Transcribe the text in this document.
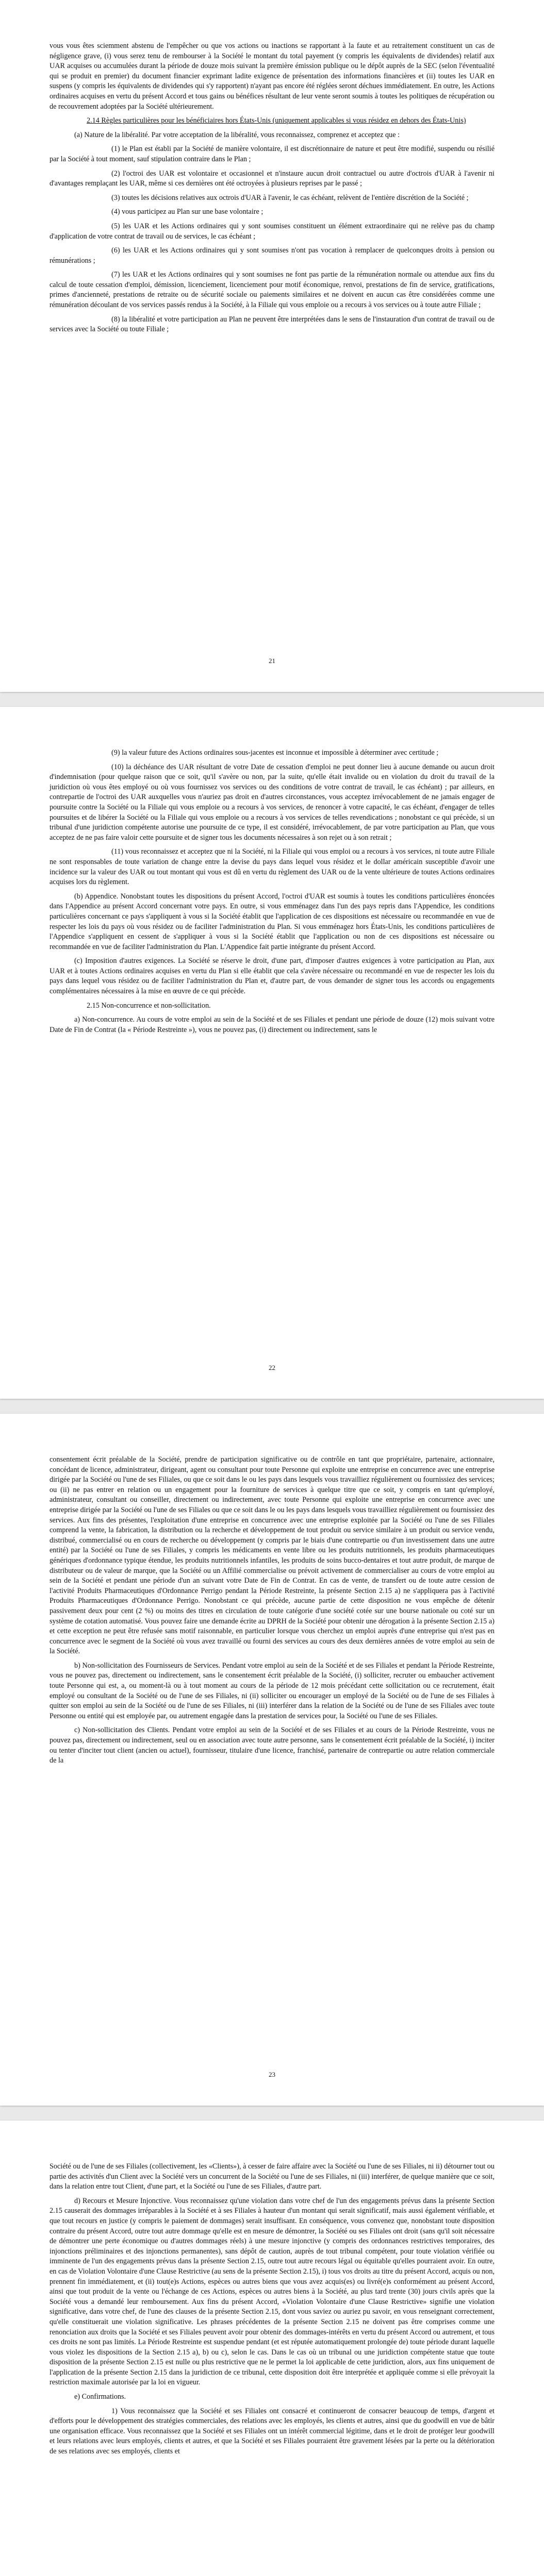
vous vous êtes sciemment abstenu de l'empêcher ou que vos actions ou inactions se rapportant à la faute et au retraitement constituent un cas de négligence grave, (i) vous serez tenu de rembourser à la Société le montant du total payement (y compris les équivalents de dividendes) relatif aux UAR acquises ou accumulées durant la période de douze mois suivant la première émission publique ou le dépôt auprès de la SEC (selon l'éventualité qui se produit en premier) du document financier exprimant ladite exigence de présentation des informations financières et (ii) toutes les UAR en suspens (y compris les équivalents de dividendes qui s'y rapportent) n'ayant pas encore été réglées seront déchues immédiatement. En outre, les Actions ordinaires acquises en vertu du présent Accord et tous gains ou bénéfices résultant de leur vente seront soumis à toutes les politiques de récupération ou de recouvrement adoptées par la Société ultérieurement.

2.14 Règles particulières pour les bénéficiaires hors États-Unis (uniquement applicables si vous résidez en dehors des États-Unis)

(a) Nature de la libéralité. Par votre acceptation de la libéralité, vous reconnaissez, comprenez et acceptez que :

(1) le Plan est établi par la Société de manière volontaire, il est discrétionnaire de nature et peut être modifié, suspendu ou résilié par la Société à tout moment, sauf stipulation contraire dans le Plan ;

(2) l'octroi des UAR est volontaire et occasionnel et n'instaure aucun droit contractuel ou autre d'octrois d'UAR à l'avenir ni d'avantages remplaçant les UAR, même si ces dernières ont été octroyées à plusieurs reprises par le passé ;

(3) toutes les décisions relatives aux octrois d'UAR à l'avenir, le cas échéant, relèvent de l'entière discrétion de la Société ;

(4) vous participez au Plan sur une base volontaire ;

(5) les UAR et les Actions ordinaires qui y sont soumises constituent un élément extraordinaire qui ne relève pas du champ d'application de votre contrat de travail ou de services, le cas échéant ;

(6) les UAR et les Actions ordinaires qui y sont soumises n'ont pas vocation à remplacer de quelconques droits à pension ou rémunérations ;

(7) les UAR et les Actions ordinaires qui y sont soumises ne font pas partie de la rémunération normale ou attendue aux fins du calcul de toute cessation d'emploi, démission, licenciement, licenciement pour motif économique, renvoi, prestations de fin de service, gratifications, primes d'ancienneté, prestations de retraite ou de sécurité sociale ou paiements similaires et ne doivent en aucun cas être considérées comme une rémunération découlant de vos services passés rendus à la Société, à la Filiale qui vous emploie ou a recours à vos services ou à toute autre Filiale ;

(8) la libéralité et votre participation au Plan ne peuvent être interprétées dans le sens de l'instauration d'un contrat de travail ou de services avec la Société ou toute Filiale ;

21

(9) la valeur future des Actions ordinaires sous-jacentes est inconnue et impossible à déterminer avec certitude ;

(10) la déchéance des UAR résultant de votre Date de cessation d'emploi ne peut donner lieu à aucune demande ou aucun droit d'indemnisation (pour quelque raison que ce soit, qu'il s'avère ou non, par la suite, qu'elle était invalide ou en violation du droit du travail de la juridiction où vous êtes employé ou où vous fournissez vos services ou des conditions de votre contrat de travail, le cas échéant) ; par ailleurs, en contrepartie de l'octroi des UAR auxquelles vous n'auriez pas droit en d'autres circonstances, vous acceptez irrévocablement de ne jamais engager de poursuite contre la Société ou la Filiale qui vous emploie ou a recours à vos services, de renoncer à votre capacité, le cas échéant, d'engager de telles poursuites et de libérer la Société ou la Filiale qui vous emploie ou a recours à vos services de telles revendications ; nonobstant ce qui précède, si un tribunal d'une juridiction compétente autorise une poursuite de ce type, il est considéré, irrévocablement, de par votre participation au Plan, que vous acceptez de ne pas faire valoir cette poursuite et de signer tous les documents nécessaires à son rejet ou à son retrait ;

(11) vous reconnaissez et acceptez que ni la Société, ni la Filiale qui vous emploi ou a recours à vos services, ni toute autre Filiale ne sont responsables de toute variation de change entre la devise du pays dans lequel vous résidez et le dollar américain susceptible d'avoir une incidence sur la valeur des UAR ou tout montant qui vous est dû en vertu du règlement des UAR ou de la vente ultérieure de toutes Actions ordinaires acquises lors du règlement.

(b) Appendice. Nonobstant toutes les dispositions du présent Accord, l'octroi d'UAR est soumis à toutes les conditions particulières énoncées dans l'Appendice au présent Accord concernant votre pays. En outre, si vous emménagez dans l'un des pays repris dans l'Appendice, les conditions particulières concernant ce pays s'appliquent à vous si la Société établit que l'application de ces dispositions est nécessaire ou recommandée en vue de respecter les lois du pays où vous résidez ou de faciliter l'administration du Plan. Si vous emménagez hors États-Unis, les conditions particulières de l'Appendice s'appliquent en cessent de s'appliquer à vous si la Société établit que l'application ou non de ces dispositions est nécessaire ou recommandée en vue de faciliter l'administration du Plan. L'Appendice fait partie intégrante du présent Accord.

(c) Imposition d'autres exigences. La Société se réserve le droit, d'une part, d'imposer d'autres exigences à votre participation au Plan, aux UAR et à toutes Actions ordinaires acquises en vertu du Plan si elle établit que cela s'avère nécessaire ou recommandé en vue de respecter les lois du pays dans lequel vous résidez ou de faciliter l'administration du Plan et, d'autre part, de vous demander de signer tous les accords ou engagements complémentaires nécessaires à la mise en œuvre de ce qui précède.

2.15 Non-concurrence et non-sollicitation.

a) Non-concurrence. Au cours de votre emploi au sein de la Société et de ses Filiales et pendant une période de douze (12) mois suivant votre Date de Fin de Contrat (la « Période Restreinte »), vous ne pouvez pas, (i) directement ou indirectement, sans le

22

consentement écrit préalable de la Société, prendre de participation significative ou de contrôle en tant que propriétaire, partenaire, actionnaire, concédant de licence, administrateur, dirigeant, agent ou consultant pour toute Personne qui exploite une entreprise en concurrence avec une entreprise dirigée par la Société ou l'une de ses Filiales, ou que ce soit dans le ou les pays dans lesquels vous travailliez régulièrement ou fournissiez des services; ou (ii) ne pas entrer en relation ou un engagement pour la fourniture de services à quelque titre que ce soit, y compris en tant qu'employé, administrateur, consultant ou conseiller, directement ou indirectement, avec toute Personne qui exploite une entreprise en concurrence avec une entreprise dirigée par la Société ou l'une de ses Filiales ou que ce soit dans le ou les pays dans lesquels vous travailliez régulièrement ou fournissiez des services. Aux fins des présentes, l'exploitation d'une entreprise en concurrence avec une entreprise exploitée par la Société ou l'une de ses Filiales comprend la vente, la fabrication, la distribution ou la recherche et développement de tout produit ou service similaire à un produit ou service vendu, distribué, commercialisé ou en cours de recherche ou développement (y compris par le biais d'une contrepartie ou d'un investissement dans une autre entité) par la Société ou l'une de ses Filiales, y compris les médicaments en vente libre ou les produits nutritionnels, les produits pharmaceutiques génériques d'ordonnance typique étendue, les produits nutritionnels infantiles, les produits de soins bucco-dentaires et tout autre produit, de marque de distributeur ou de valeur de marque, que la Société ou un Affilié commercialise ou prévoit activement de commercialiser au cours de votre emploi au sein de la Société et pendant une période d'un an suivant votre Date de Fin de Contrat. En cas de vente, de transfert ou de toute autre cession de l'activité Produits Pharmaceutiques d'Ordonnance Perrigo pendant la Période Restreinte, la présente Section 2.15 a) ne s'appliquera pas à l'activité Produits Pharmaceutiques d'Ordonnance Perrigo. Nonobstant ce qui précède, aucune partie de cette disposition ne vous empêche de détenir passivement deux pour cent (2 %) ou moins des titres en circulation de toute catégorie d'une société cotée sur une bourse nationale ou coté sur un système de cotation automatisé. Vous pouvez faire une demande écrite au DPRH de la Société pour obtenir une dérogation à la présente Section 2.15 a) et cette exception ne peut être refusée sans motif raisonnable, en particulier lorsque vous cherchez un emploi auprès d'une entreprise qui n'est pas en concurrence avec le segment de la Société où vous avez travaillé ou fourni des services au cours des deux dernières années de votre emploi au sein de la Société.

b) Non-sollicitation des Fournisseurs de Services. Pendant votre emploi au sein de la Société et de ses Filiales et pendant la Période Restreinte, vous ne pouvez pas, directement ou indirectement, sans le consentement écrit préalable de la Société, (i) solliciter, recruter ou embaucher activement toute Personne qui est, a, ou moment-là ou à tout moment au cours de la période de 12 mois précédant cette sollicitation ou ce recrutement, était employé ou consultant de la Société ou de l'une de ses Filiales, ni (ii) solliciter ou encourager un employé de la Société ou de l'une de ses Filiales à quitter son emploi au sein de la Société ou de l'une de ses Filiales, ni (iii) interférer dans la relation de la Société ou de l'une de ses Filiales avec toute Personne ou entité qui est employée par, ou autrement engagée dans la prestation de services pour, la Société ou l'une de ses Filiales.

c) Non-sollicitation des Clients. Pendant votre emploi au sein de la Société et de ses Filiales et au cours de la Période Restreinte, vous ne pouvez pas, directement ou indirectement, seul ou en association avec toute autre personne, sans le consentement écrit préalable de la Société, i) inciter ou tenter d'inciter tout client (ancien ou actuel), fournisseur, titulaire d'une licence, franchisé, partenaire de contrepartie ou autre relation commerciale de la

23

Société ou de l'une de ses Filiales (collectivement, les «Clients»), à cesser de faire affaire avec la Société ou l'une de ses Filiales, ni ii) détourner tout ou partie des activités d'un Client avec la Société vers un concurrent de la Société ou l'une de ses Filiales, ni (iii) interférer, de quelque manière que ce soit, dans la relation entre tout Client, d'une part, et la Société ou l'une de ses Filiales, d'autre part.

d) Recours et Mesure Injonctive. Vous reconnaissez qu'une violation dans votre chef de l'un des engagements prévus dans la présente Section 2.15 causerait des dommages irréparables à la Société et à ses Filiales à hauteur d'un montant qui serait significatif, mais aussi également vérifiable, et que tout recours en justice (y compris le paiement de dommages) serait insuffisant. En conséquence, vous convenez que, nonobstant toute disposition contraire du présent Accord, outre tout autre dommage qu'elle est en mesure de démontrer, la Société ou ses Filiales ont droit (sans qu'il soit nécessaire de démontrer une perte économique ou d'autres dommages réels) à une mesure injonctive (y compris des ordonnances restrictives temporaires, des injonctions préliminaires et des injonctions permanentes), sans dépôt de caution, auprès de tout tribunal compétent, pour toute violation vérifiée ou imminente de l'un des engagements prévus dans la présente Section 2.15, outre tout autre recours légal ou équitable qu'elles pourraient avoir. En outre, en cas de Violation Volontaire d'une Clause Restrictive (au sens de la présente Section 2.15), i) tous vos droits au titre du présent Accord, acquis ou non, prennent fin immédiatement, et (ii) tout(e)s Actions, espèces ou autres biens que vous avez acquis(es) ou livré(e)s conformément au présent Accord, ainsi que tout produit de la vente ou l'échange de ces Actions, espèces ou autres biens à la Société, au plus tard trente (30) jours civils après que la Société vous a demandé leur remboursement. Aux fins du présent Accord, «Violation Volontaire d'une Clause Restrictive» signifie une violation significative, dans votre chef, de l'une des clauses de la présente Section 2.15, dont vous saviez ou auriez pu savoir, en vous renseignant correctement, qu'elle constituerait une violation significative. Les phrases précédentes de la présente Section 2.15 ne doivent pas être comprises comme une renonciation aux droits que la Société et ses Filiales peuvent avoir pour obtenir des dommages-intérêts en vertu du présent Accord ou autrement, et tous ces droits ne sont pas limités. La Période Restreinte est suspendue pendant (et est réputée automatiquement prolongée de) toute période durant laquelle vous violez les dispositions de la Section 2.15 a), b) ou c), selon le cas. Dans le cas où un tribunal ou une juridiction compétente statue que toute disposition de la présente Section 2.15 est nulle ou plus restrictive que ne le permet la loi applicable de cette juridiction, alors, aux fins uniquement de l'application de la présente Section 2.15 dans la juridiction de ce tribunal, cette disposition doit être interprétée et appliquée comme si elle prévoyait la restriction maximale autorisée par la loi en vigueur.

e) Confirmations.

1) Vous reconnaissez que la Société et ses Filiales ont consacré et continueront de consacrer beaucoup de temps, d'argent et d'efforts pour le développement des stratégies commerciales, des relations avec les employés, les clients et autres, ainsi que du goodwill en vue de bâtir une organisation efficace. Vous reconnaissez que la Société et ses Filiales ont un intérêt commercial légitime, dans et le droit de protéger leur goodwill et leurs relations avec leurs employés, clients et autres, et que la Société et ses Filiales pourraient être gravement lésées par la perte ou la détérioration de ses relations avec ses employés, clients et
